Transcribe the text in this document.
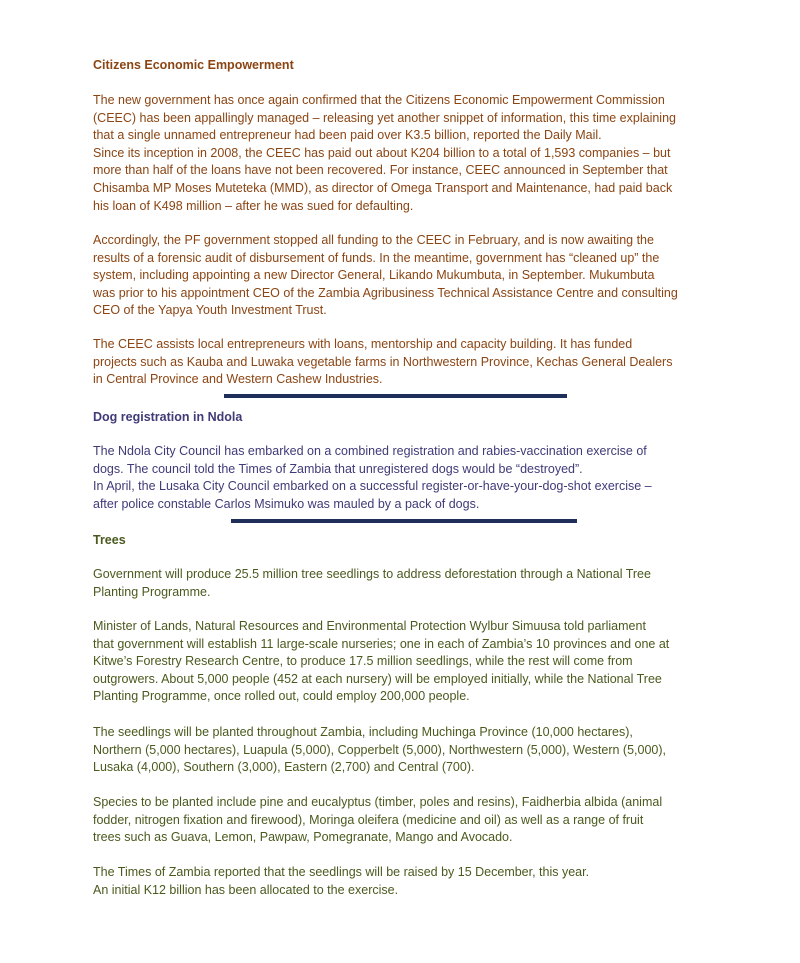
Citizens Economic Empowerment
The new government has once again confirmed that the Citizens Economic Empowerment Commission
(CEEC) has been appallingly managed – releasing yet another snippet of information, this time explaining
that a single unnamed entrepreneur had been paid over K3.5 billion, reported the Daily Mail.
Since its inception in 2008, the CEEC has paid out about K204 billion to a total of 1,593 companies – but
more than half of the loans have not been recovered. For instance, CEEC announced in September that
Chisamba MP Moses Muteteka (MMD), as director of Omega Transport and Maintenance, had paid back
his loan of K498 million – after he was sued for defaulting.
Accordingly, the PF government stopped all funding to the CEEC in February, and is now awaiting the
results of a forensic audit of disbursement of funds. In the meantime, government has “cleaned up” the
system, including appointing a new Director General, Likando Mukumbuta, in September. Mukumbuta
was prior to his appointment CEO of the Zambia Agribusiness Technical Assistance Centre and consulting
CEO of the Yapya Youth Investment Trust.
The CEEC assists local entrepreneurs with loans, mentorship and capacity building. It has funded
projects such as Kauba and Luwaka vegetable farms in Northwestern Province, Kechas General Dealers
in Central Province and Western Cashew Industries.
Dog registration in Ndola
The Ndola City Council has embarked on a combined registration and rabies-vaccination exercise of
dogs. The council told the Times of Zambia that unregistered dogs would be “destroyed”.
In April, the Lusaka City Council embarked on a successful register-or-have-your-dog-shot exercise –
after police constable Carlos Msimuko was mauled by a pack of dogs.
Trees
Government will produce 25.5 million tree seedlings to address deforestation through a National Tree
Planting Programme.
Minister of Lands, Natural Resources and Environmental Protection Wylbur Simuusa told parliament
that government will establish 11 large-scale nurseries; one in each of Zambia’s 10 provinces and one at
Kitwe’s Forestry Research Centre, to produce 17.5 million seedlings, while the rest will come from
outgrowers. About 5,000 people (452 at each nursery) will be employed initially, while the National Tree
Planting Programme, once rolled out, could employ 200,000 people.
The seedlings will be planted throughout Zambia, including Muchinga Province (10,000 hectares),
Northern (5,000 hectares), Luapula (5,000), Copperbelt (5,000), Northwestern (5,000), Western (5,000),
Lusaka (4,000), Southern (3,000), Eastern (2,700) and Central (700).
Species to be planted include pine and eucalyptus (timber, poles and resins), Faidherbia albida (animal
fodder, nitrogen fixation and firewood), Moringa oleifera (medicine and oil) as well as a range of fruit
trees such as Guava, Lemon, Pawpaw, Pomegranate, Mango and Avocado.
The Times of Zambia reported that the seedlings will be raised by 15 December, this year.
An initial K12 billion has been allocated to the exercise.
